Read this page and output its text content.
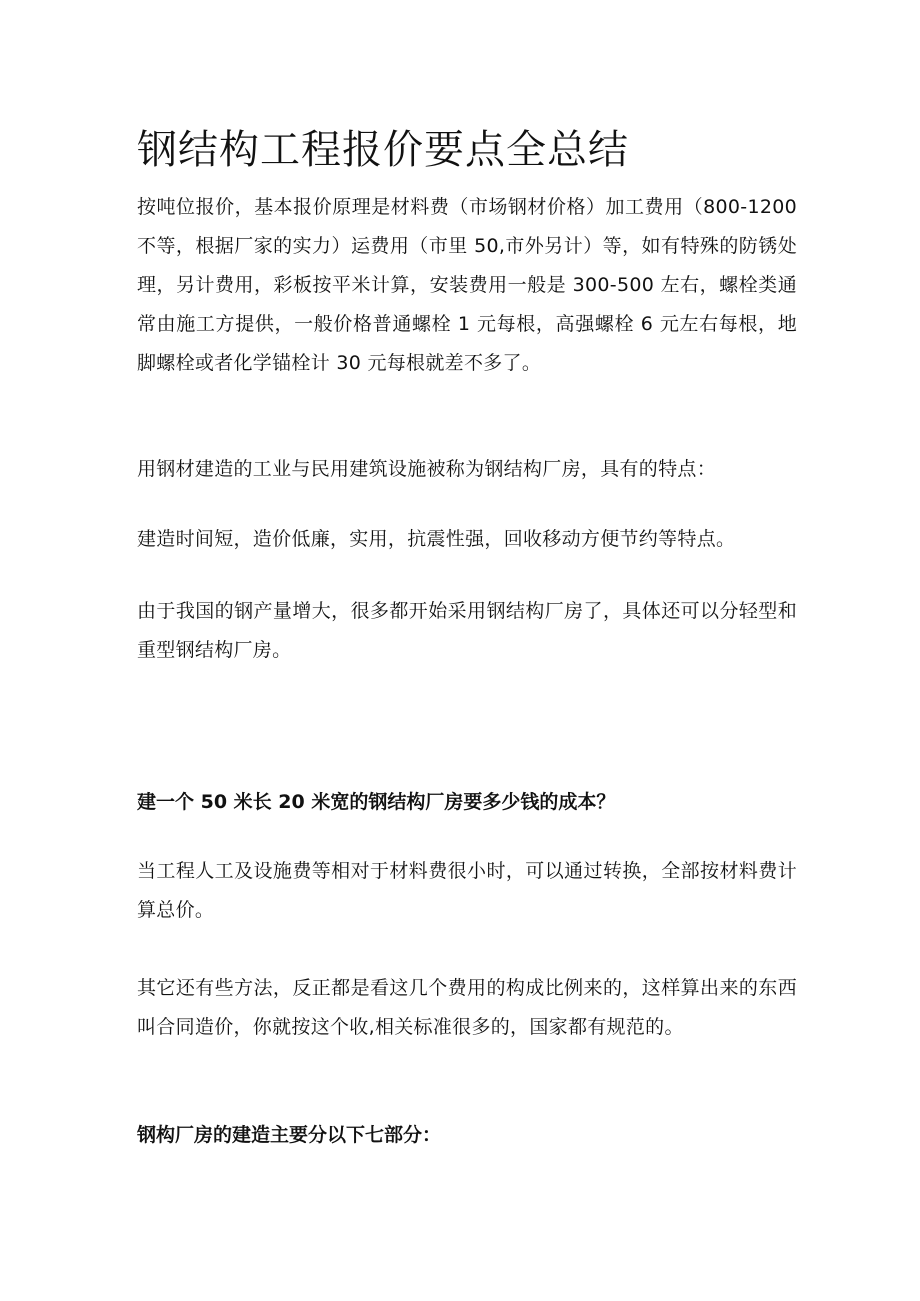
钢结构工程报价要点全总结

按吨位报价，基本报价原理是材料费（市场钢材价格）加工费用（800-1200不等，根据厂家的实力）运费用（市里 50,市外另计）等，如有特殊的防锈处理，另计费用，彩板按平米计算，安装费用一般是 300-500 左右，螺栓类通常由施工方提供，一般价格普通螺栓 1 元每根，高强螺栓 6 元左右每根，地脚螺栓或者化学锚栓计 30 元每根就差不多了。

用钢材建造的工业与民用建筑设施被称为钢结构厂房，具有的特点：

建造时间短，造价低廉，实用，抗震性强，回收移动方便节约等特点。

由于我国的钢产量增大，很多都开始采用钢结构厂房了，具体还可以分轻型和重型钢结构厂房。

建一个 50 米长 20 米宽的钢结构厂房要多少钱的成本？

当工程人工及设施费等相对于材料费很小时，可以通过转换，全部按材料费计算总价。

其它还有些方法，反正都是看这几个费用的构成比例来的，这样算出来的东西叫合同造价，你就按这个收,相关标准很多的，国家都有规范的。

钢构厂房的建造主要分以下七部分：
